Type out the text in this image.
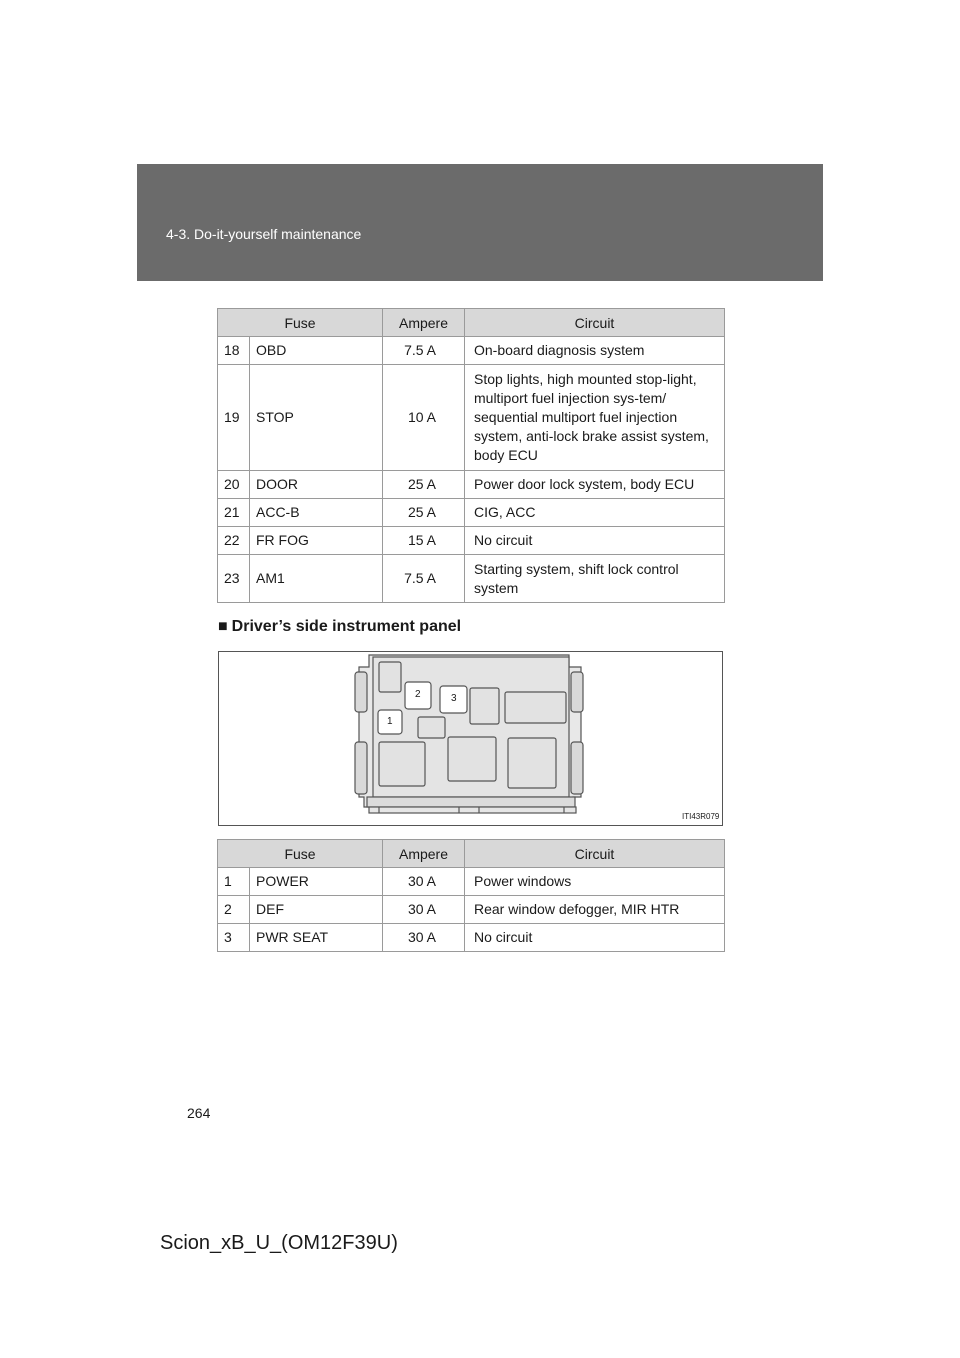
4-3. Do-it-yourself maintenance
Fuse		Ampere	Circuit
18	OBD	7.5 A	On-board diagnosis system
19	STOP	10 A	Stop lights, high mounted stop-light, multiport fuel injection sys-tem/ sequential multiport fuel injection system, anti-lock brake assist system, body ECU
20	DOOR	25 A	Power door lock system, body ECU
21	ACC-B	25 A	CIG, ACC
22	FR FOG	15 A	No circuit
23	AM1	7.5 A	Starting system, shift lock control system
■ Driver’s side instrument panel
1
2	3
ITI43R079
Fuse		Ampere	Circuit
1	POWER	30 A	Power windows
2	DEF	30 A	Rear window defogger, MIR HTR
3	PWR SEAT	30 A	No circuit
264
Scion_xB_U_(OM12F39U)
